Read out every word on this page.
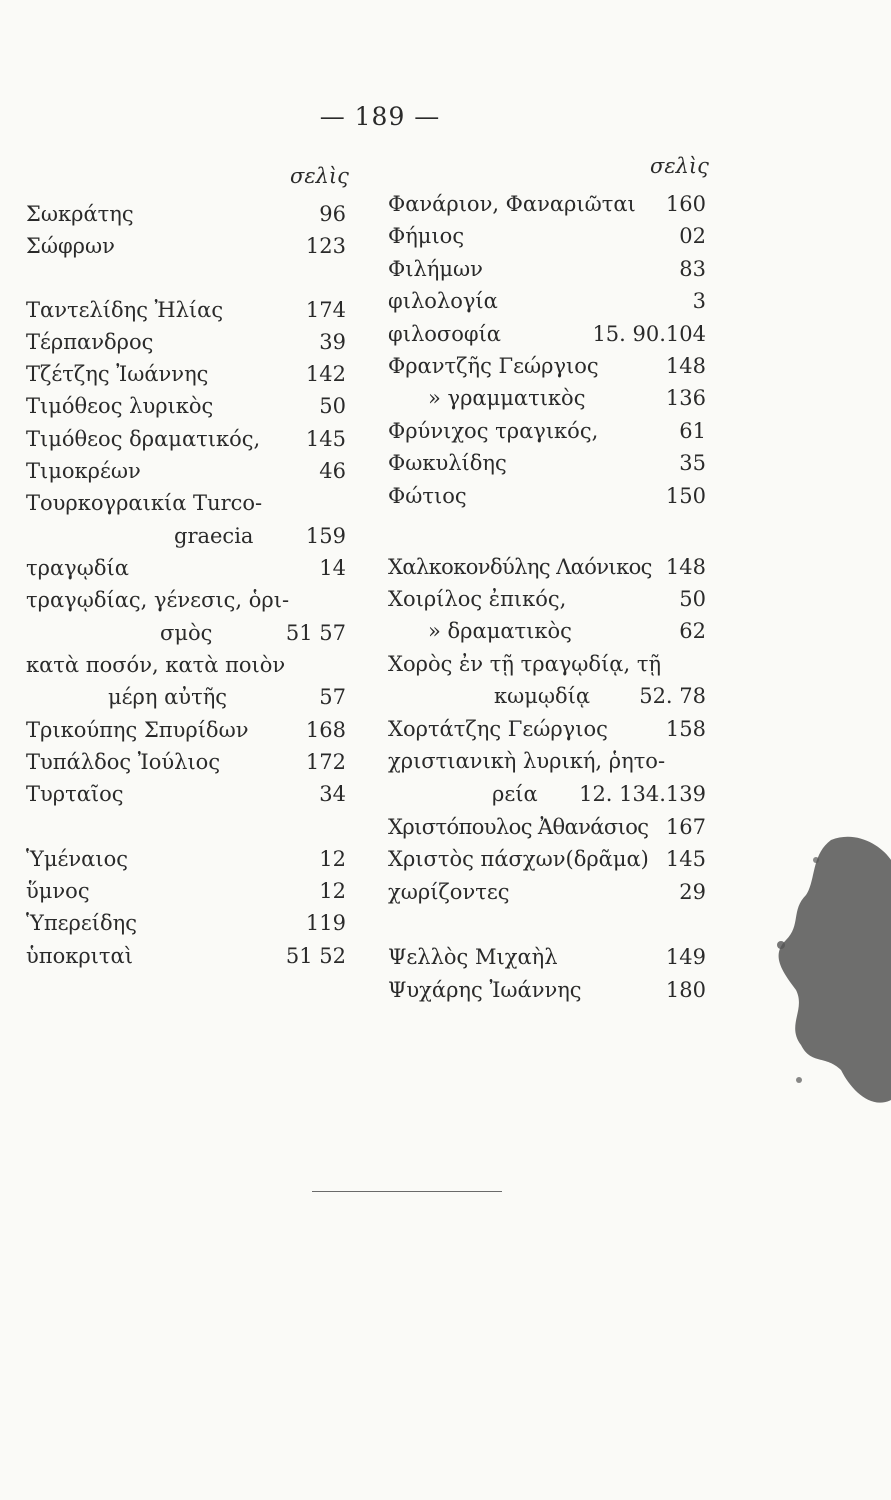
— 189 —
σελὶς
Σωκράτης	96
Σώφρων	123
Ταντελίδης Ἠλίας	174
Τέρπανδρος	39
Τζέτζης Ἰωάννης	142
Τιμόθεος λυρικὸς	50
Τιμόθεος δραματικός, 145
Τιμοκρέων	46
Τουρκογραικία Turco-
graecia 159
τραγῳδία	14
τραγῳδίας, γένεσις, ὁρι-
σμὸς	51 57
κατὰ ποσόν, κατὰ ποιὸν
μέρη αὐτῆς	57
Τρικούπης Σπυρίδων	168
Τυπάλδος Ἰούλιος	172
Τυρταῖος	34
Ὑμέναιος	12
ὕμνος	12
Ὑπερείδης	119
ὑποκριταὶ	51 52
σελὶς
Φανάριον, Φαναριῶται 160
Φήμιος	02
Φιλήμων	83
φιλολογία	3
φιλοσοφία	15. 90.104
Φραντζῆς Γεώργιος	148
» γραμματικὸς	136
Φρύνιχος τραγικός,	61
Φωκυλίδης	35
Φώτιος	150
Χαλκοκονδύλης Λαόνικος 148
Χοιρίλος ἐπικός,	50
» δραματικὸς	62
Χορὸς ἐν τῇ τραγῳδίᾳ, τῇ
κωμῳδίᾳ 52. 78
Χορτάτζης Γεώργιος	158
χριστιανικὴ λυρική, ῥητο-
ρεία 12. 134.139
Χριστόπουλος Ἀθανάσιος 167
Χριστὸς πάσχων(δρᾶμα) 145
χωρίζοντες	29
Ψελλὸς Μιχαὴλ	149
Ψυχάρης Ἰωάννης	180
